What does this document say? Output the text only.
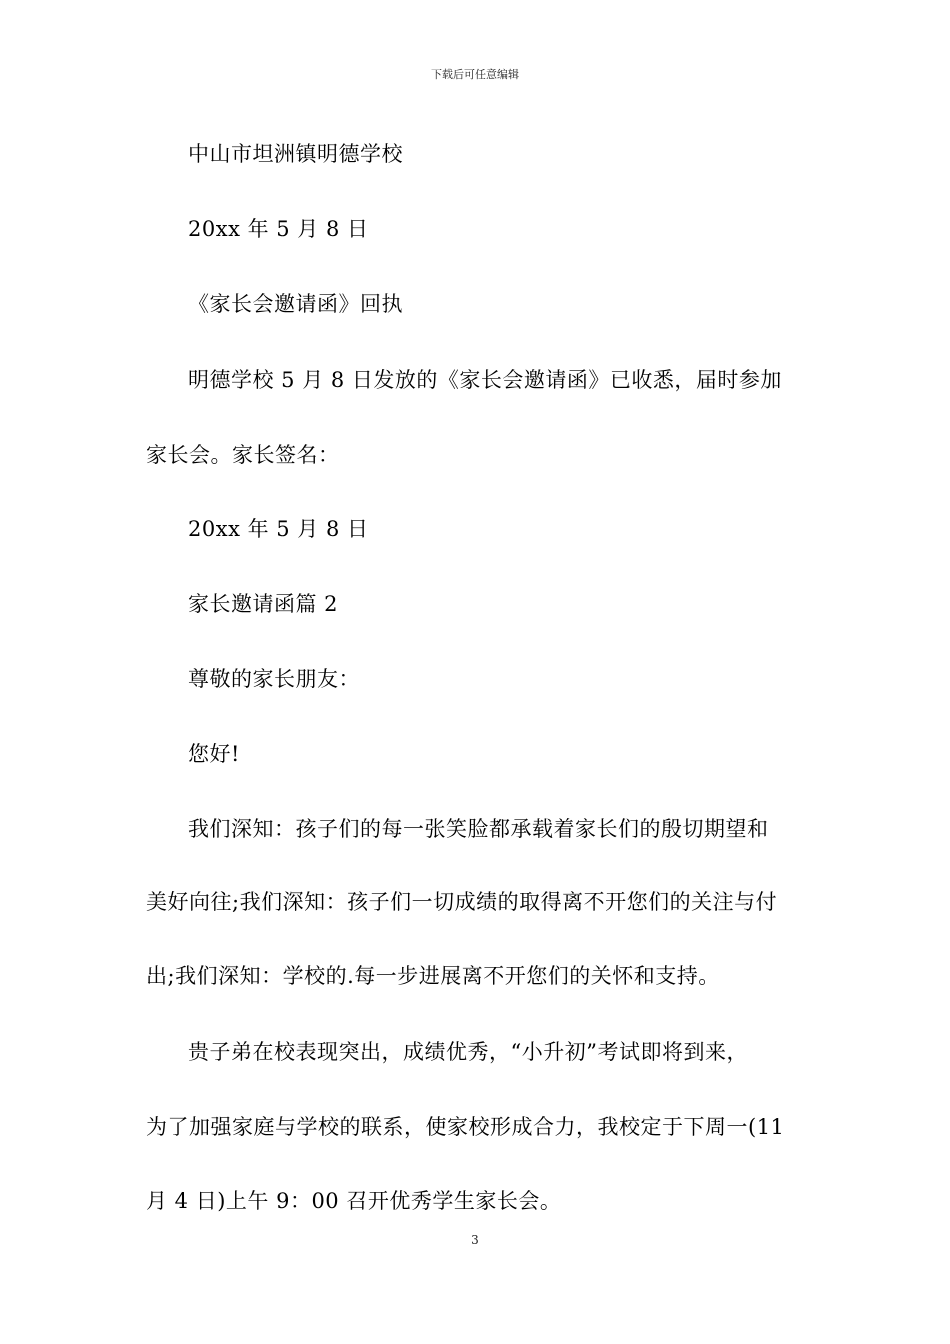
下载后可任意编辑
中山市坦洲镇明德学校
20xx 年 5 月 8 日
《家长会邀请函》回执
明德学校 5 月 8 日发放的《家长会邀请函》已收悉，届时参加
家长会。家长签名：
20xx 年 5 月 8 日
家长邀请函篇 2
尊敬的家长朋友：
您好!
我们深知：孩子们的每一张笑脸都承载着家长们的殷切期望和
美好向往;我们深知：孩子们一切成绩的取得离不开您们的关注与付
出;我们深知：学校的.每一步进展离不开您们的关怀和支持。
贵子弟在校表现突出，成绩优秀，“小升初”考试即将到来，
为了加强家庭与学校的联系，使家校形成合力，我校定于下周一(11
月 4 日)上午 9：00 召开优秀学生家长会。
3
